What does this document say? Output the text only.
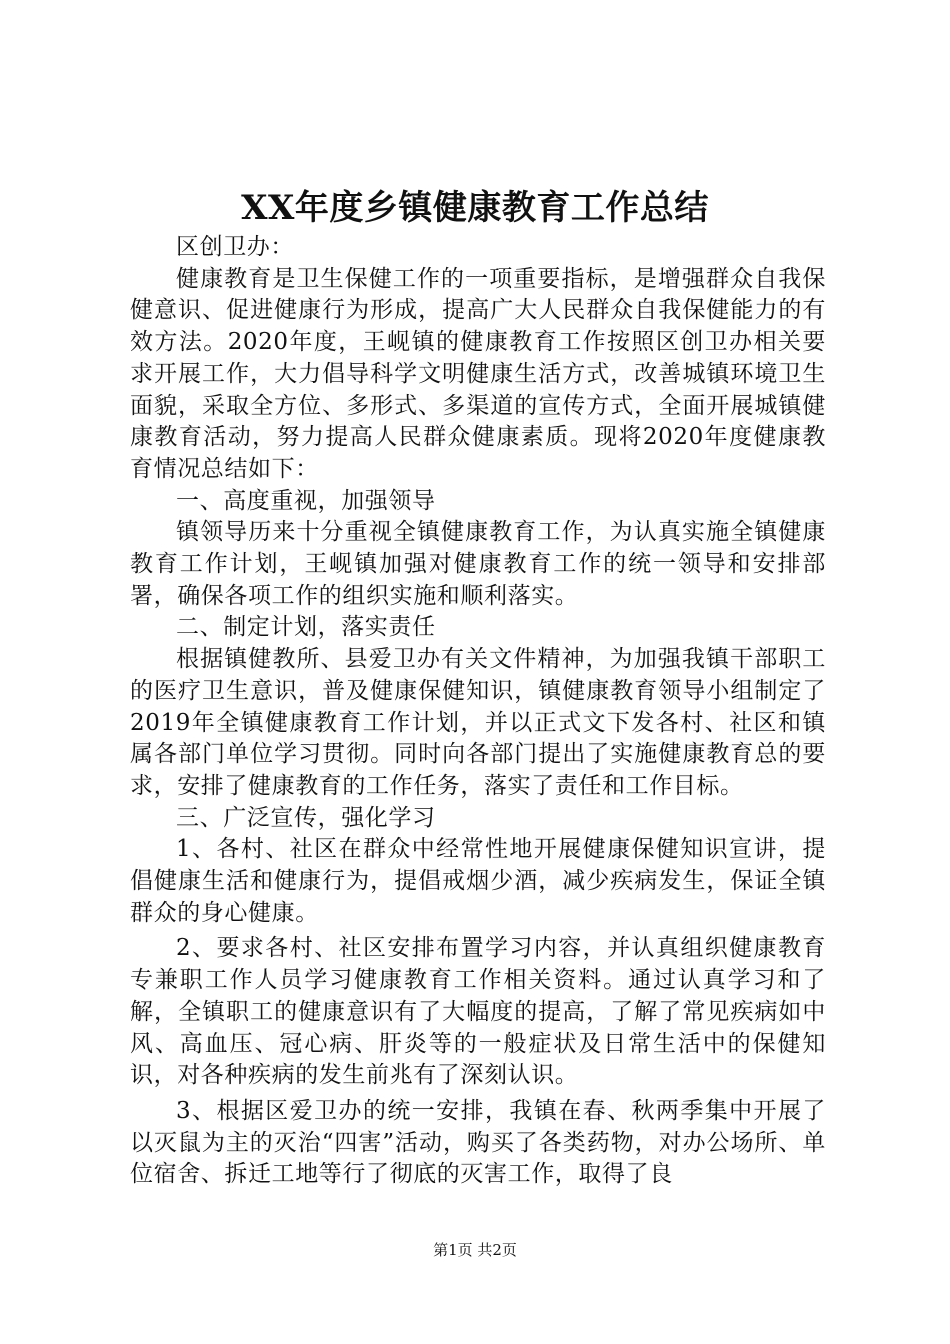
XX年度乡镇健康教育工作总结

区创卫办：

健康教育是卫生保健工作的一项重要指标，是增强群众自我保健意识、促进健康行为形成，提高广大人民群众自我保健能力的有效方法。2020年度，王岘镇的健康教育工作按照区创卫办相关要求开展工作，大力倡导科学文明健康生活方式，改善城镇环境卫生面貌，采取全方位、多形式、多渠道的宣传方式，全面开展城镇健康教育活动，努力提高人民群众健康素质。现将2020年度健康教育情况总结如下：

一、高度重视，加强领导

镇领导历来十分重视全镇健康教育工作，为认真实施全镇健康教育工作计划，王岘镇加强对健康教育工作的统一领导和安排部署，确保各项工作的组织实施和顺利落实。

二、制定计划，落实责任

根据镇健教所、县爱卫办有关文件精神，为加强我镇干部职工的医疗卫生意识，普及健康保健知识，镇健康教育领导小组制定了2019年全镇健康教育工作计划，并以正式文下发各村、社区和镇属各部门单位学习贯彻。同时向各部门提出了实施健康教育总的要求，安排了健康教育的工作任务，落实了责任和工作目标。

三、广泛宣传，强化学习

1、各村、社区在群众中经常性地开展健康保健知识宣讲，提倡健康生活和健康行为，提倡戒烟少酒，减少疾病发生，保证全镇群众的身心健康。

2、要求各村、社区安排布置学习内容，并认真组织健康教育专兼职工作人员学习健康教育工作相关资料。通过认真学习和了解，全镇职工的健康意识有了大幅度的提高，了解了常见疾病如中风、高血压、冠心病、肝炎等的一般症状及日常生活中的保健知识，对各种疾病的发生前兆有了深刻认识。

3、根据区爱卫办的统一安排，我镇在春、秋两季集中开展了以灭鼠为主的灭治“四害”活动，购买了各类药物，对办公场所、单位宿舍、拆迁工地等行了彻底的灭害工作，取得了良

第1页 共2页
